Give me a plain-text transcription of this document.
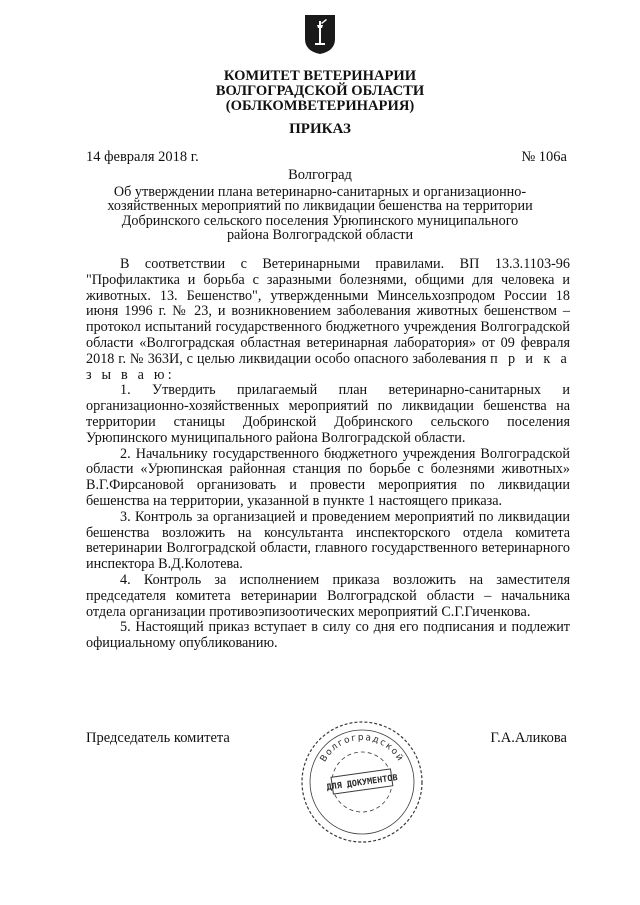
КОМИТЕТ ВЕТЕРИНАРИИ
ВОЛГОГРАДСКОЙ ОБЛАСТИ
(ОБЛКОМВЕТЕРИНАРИЯ)
ПРИКАЗ
14 февраля 2018 г.	№ 106а
Волгоград
Об утверждении плана ветеринарно-санитарных и организационно-хозяйственных мероприятий по ликвидации бешенства на территории Добринского сельского поселения Урюпинского муниципального района Волгоградской области

В соответствии с Ветеринарными правилами. ВП 13.3.1103-96 "Профилактика и борьба с заразными болезнями, общими для человека и животных. 13. Бешенство", утвержденными Минсельхозпродом России 18 июня 1996 г. № 23, и возникновением заболевания животных бешенством – протокол испытаний государственного бюджетного учреждения Волгоградской области «Волгоградская областная ветеринарная лаборатория» от 09 февраля 2018 г. № 363И, с целью ликвидации особо опасного заболевания п р и к а з ы в а ю:

1. Утвердить прилагаемый план ветеринарно-санитарных и организационно-хозяйственных мероприятий по ликвидации бешенства на территории станицы Добринской Добринского сельского поселения Урюпинского муниципального района Волгоградской области.

2. Начальнику государственного бюджетного учреждения Волгоградской области «Урюпинская районная станция по борьбе с болезнями животных» В.Г.Фирсановой организовать и провести мероприятия по ликвидации бешенства на территории, указанной в пункте 1 настоящего приказа.

3. Контроль за организацией и проведением мероприятий по ликвидации бешенства возложить на консультанта инспекторского отдела комитета ветеринарии Волгоградской области, главного государственного ветеринарного инспектора В.Д.Колотева.

4. Контроль за исполнением приказа возложить на заместителя председателя комитета ветеринарии Волгоградской области – начальника отдела организации противоэпизоотических мероприятий С.Г.Гиченкова.

5. Настоящий приказ вступает в силу со дня его подписания и подлежит официальному опубликованию.

Председатель комитета	Г.А.Аликова
Волгоградской
ДЛЯ ДОКУМЕНТОВ
